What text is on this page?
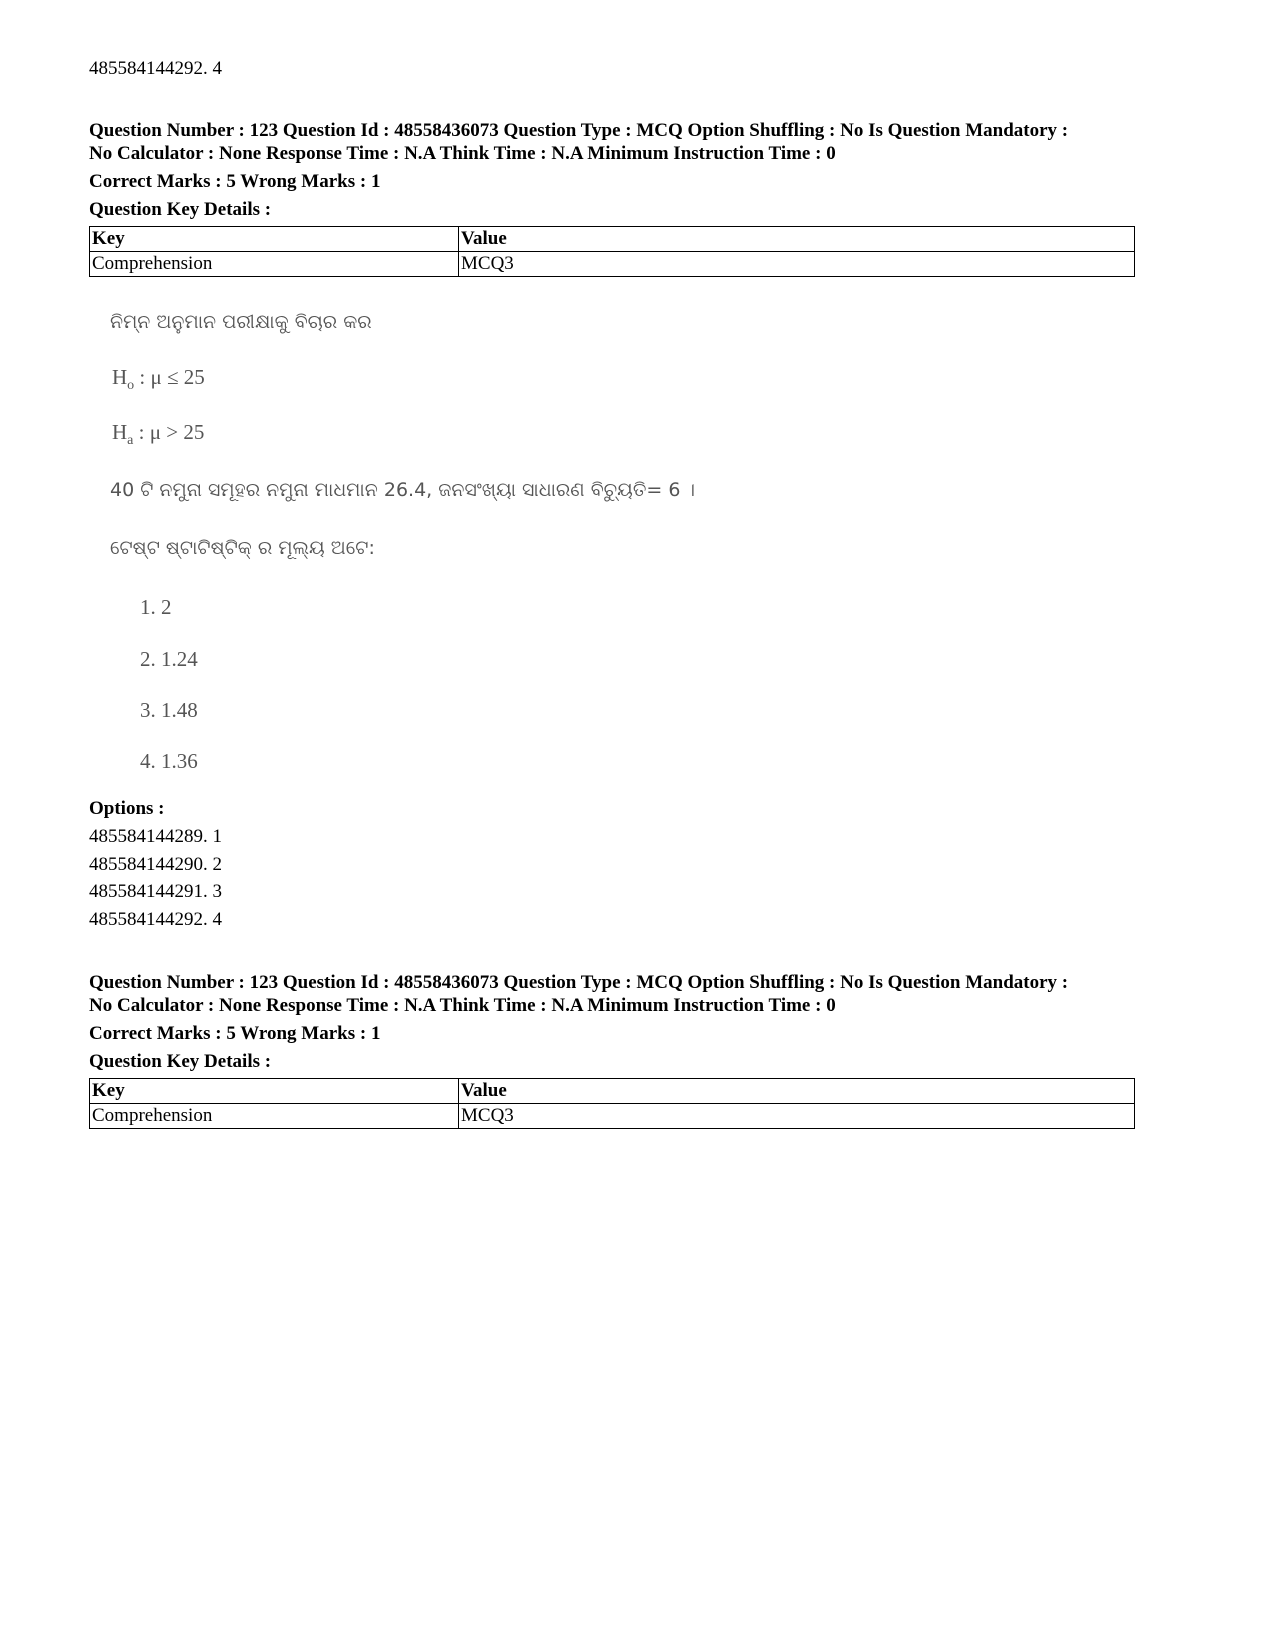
485584144292. 4
Question Number : 123 Question Id : 48558436073 Question Type : MCQ Option Shuffling : No Is Question Mandatory :
No Calculator : None Response Time : N.A Think Time : N.A Minimum Instruction Time : 0
Correct Marks : 5 Wrong Marks : 1
Question Key Details :
Key	Value
Comprehension	MCQ3
ନିମ୍ନ ଅନୁମାନ ପରୀକ୍ଷାକୁ ବିଚାର କର
$H_o$ : μ ≤ 25
$H_a$ : μ > 25
40 ଟି ନମୁନା ସମୂହର ନମୁନା ମାଧମାନ 26.4, ଜନସଂଖ୍ୟା ସାଧାରଣ ବିଚ୍ୟୁତି= 6 ।
ଟେଷ୍ଟ ଷ୍ଟାଟିଷ୍ଟିକ୍ ର ମୂଲ୍ୟ ଅଟେ:
1. 2
2. 1.24
3. 1.48
4. 1.36
Options :
485584144289. 1
485584144290. 2
485584144291. 3
485584144292. 4
Question Number : 123 Question Id : 48558436073 Question Type : MCQ Option Shuffling : No Is Question Mandatory :
No Calculator : None Response Time : N.A Think Time : N.A Minimum Instruction Time : 0
Correct Marks : 5 Wrong Marks : 1
Question Key Details :
Key	Value
Comprehension	MCQ3
